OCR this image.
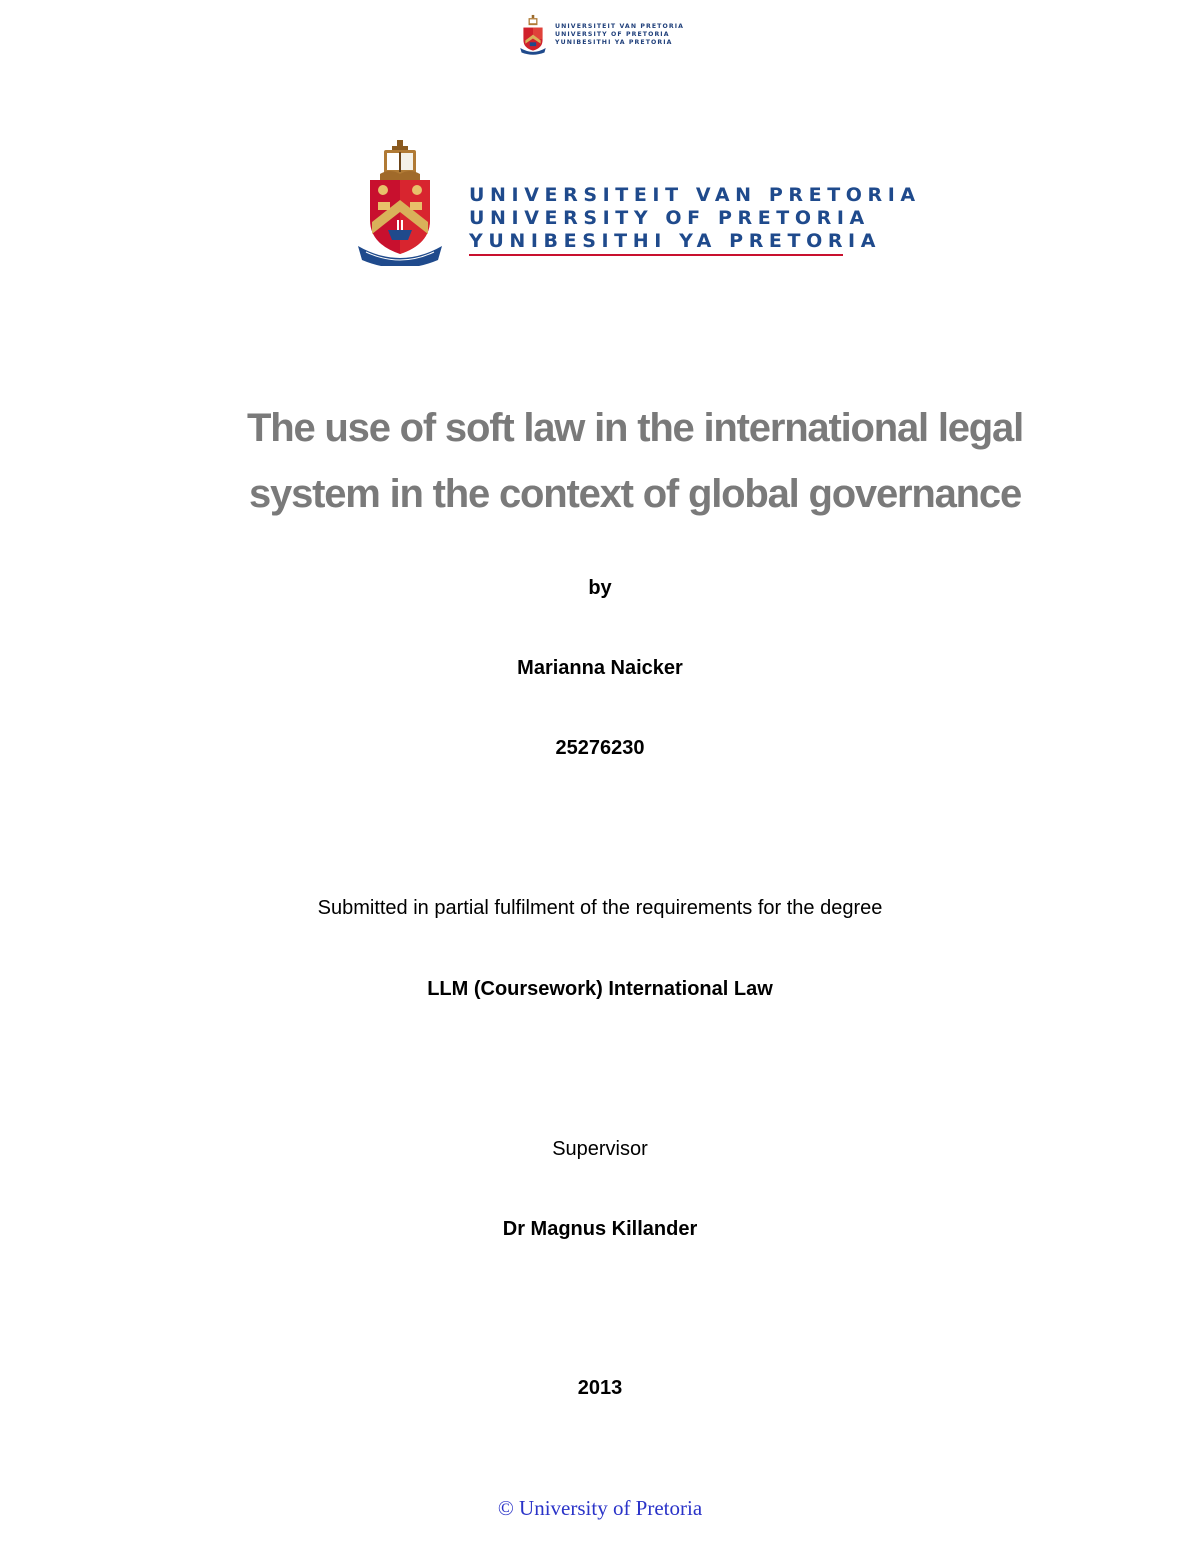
UNIVERSITEIT VAN PRETORIA
UNIVERSITY OF PRETORIA
YUNIBESITHI YA PRETORIA
UNIVERSITEIT VAN PRETORIA
UNIVERSITY OF PRETORIA
YUNIBESITHI YA PRETORIA
The use of soft law in the international legal
system in the context of global governance
by
Marianna Naicker
25276230
Submitted in partial fulfilment of the requirements for the degree
LLM (Coursework) International Law
Supervisor
Dr Magnus Killander
2013
© University of Pretoria
